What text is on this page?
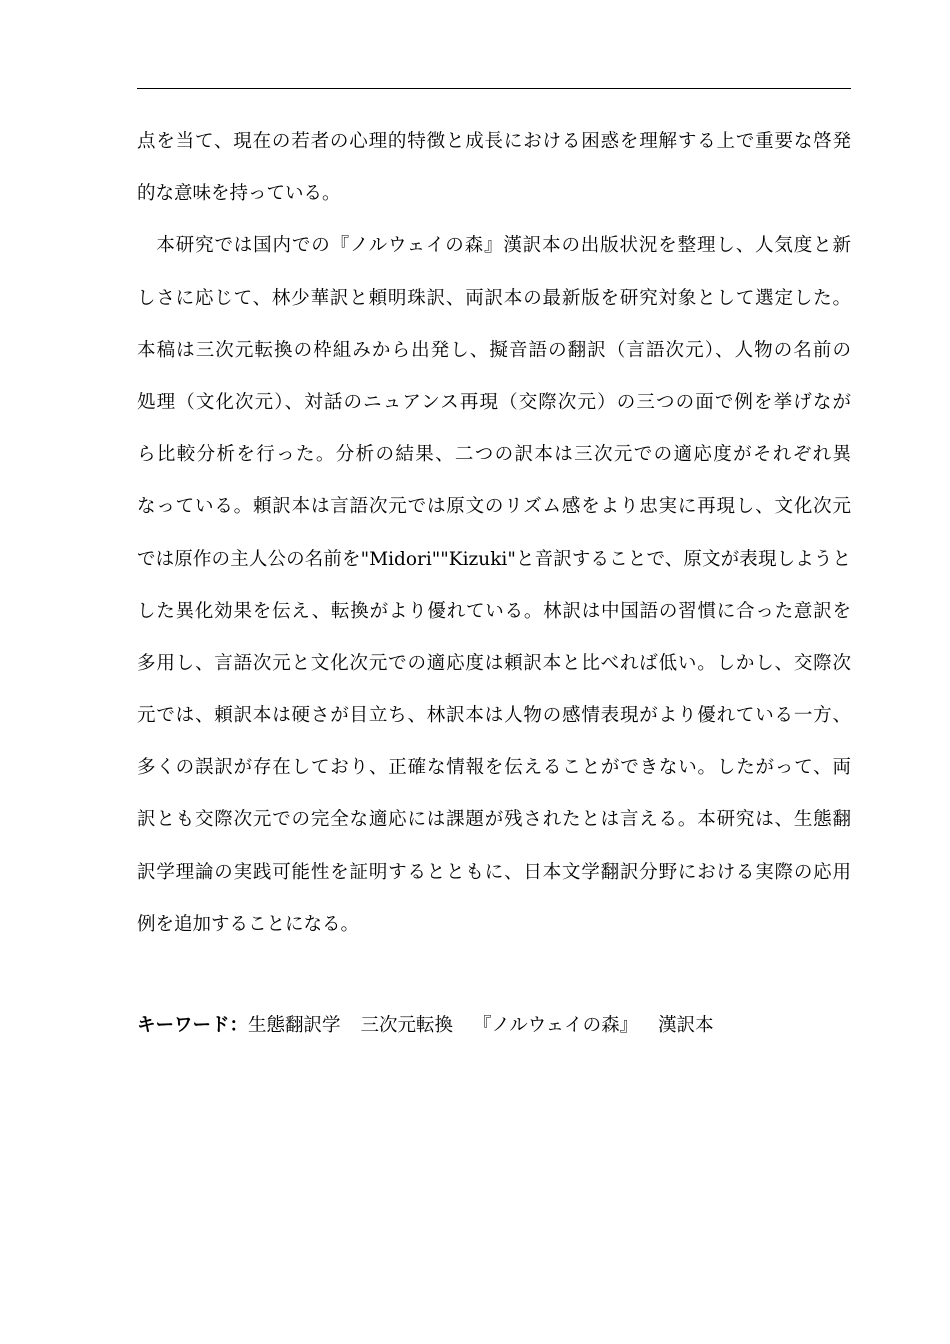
点を当て、現在の若者の心理的特徴と成長における困惑を理解する上で重要な啓発
的な意味を持っている。
　本研究では国内での『ノルウェイの森』漢訳本の出版状況を整理し、人気度と新
しさに応じて、林少華訳と頼明珠訳、両訳本の最新版を研究対象として選定した。
本稿は三次元転換の枠組みから出発し、擬音語の翻訳（言語次元）、人物の名前の
処理（文化次元）、対話のニュアンス再現（交際次元）の三つの面で例を挙げなが
ら比較分析を行った。分析の結果、二つの訳本は三次元での適応度がそれぞれ異
なっている。頼訳本は言語次元では原文のリズム感をより忠実に再現し、文化次元
では原作の主人公の名前を"Midori""Kizuki"と音訳することで、原文が表現しようと
した異化効果を伝え、転換がより優れている。林訳は中国語の習慣に合った意訳を
多用し、言語次元と文化次元での適応度は頼訳本と比べれば低い。しかし、交際次
元では、頼訳本は硬さが目立ち、林訳本は人物の感情表現がより優れている一方、
多くの誤訳が存在しており、正確な情報を伝えることができない。したがって、両
訳とも交際次元での完全な適応には課題が残されたとは言える。本研究は、生態翻
訳学理論の実践可能性を証明するとともに、日本文学翻訳分野における実際の応用
例を追加することになる。
キーワード：生態翻訳学 三次元転換 『ノルウェイの森』 漢訳本
